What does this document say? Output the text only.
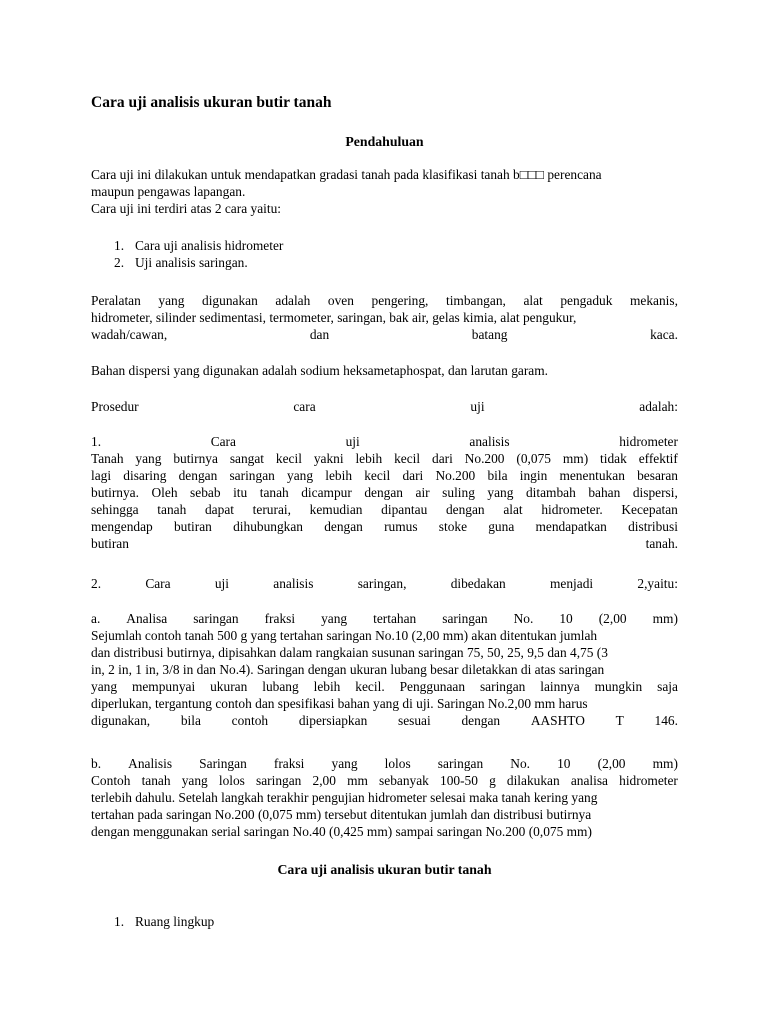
Cara uji analisis ukuran butir tanah
Pendahuluan
Cara uji ini dilakukan untuk mendapatkan gradasi tanah pada klasifikasi tanah b□□□ perencana
maupun pengawas lapangan.
Cara uji ini terdiri atas 2 cara yaitu:
1. Cara uji analisis hidrometer
2. Uji analisis saringan.
Peralatan yang digunakan adalah oven pengering, timbangan, alat pengaduk mekanis,
hidrometer, silinder sedimentasi, termometer, saringan, bak air, gelas kimia, alat pengukur,
wadah/cawan,	dan	batang	kaca.
Bahan dispersi yang digunakan adalah sodium heksametaphospat, dan larutan garam.
Prosedur	cara	uji	adalah:
1.	Cara	uji	analisis	hidrometer
Tanah yang butirnya sangat kecil yakni lebih kecil dari No.200 (0,075 mm) tidak effektif
lagi disaring dengan saringan yang lebih kecil dari No.200 bila ingin menentukan besaran
butirnya. Oleh sebab itu tanah dicampur dengan air suling yang ditambah bahan dispersi,
sehingga tanah dapat terurai, kemudian dipantau dengan alat hidrometer. Kecepatan
mengendap butiran dihubungkan dengan rumus stoke guna mendapatkan distribusi
butiran	tanah.
2.	Cara	uji	analisis	saringan,	dibedakan	menjadi	2,yaitu:
a. Analisa saringan fraksi yang tertahan saringan No. 10 (2,00 mm)
Sejumlah contoh tanah 500 g yang tertahan saringan No.10 (2,00 mm) akan ditentukan jumlah
dan distribusi butirnya, dipisahkan dalam rangkaian susunan saringan 75, 50, 25, 9,5 dan 4,75 (3
in, 2 in, 1 in, 3/8 in dan No.4). Saringan dengan ukuran lubang besar diletakkan di atas saringan
yang mempunyai ukuran lubang lebih kecil. Penggunaan saringan lainnya mungkin saja
diperlukan, tergantung contoh dan spesifikasi bahan yang di uji. Saringan No.2,00 mm harus
digunakan, bila contoh dipersiapkan sesuai dengan AASHTO T 146.
b. Analisis Saringan fraksi yang lolos saringan No. 10 (2,00 mm)
Contoh tanah yang lolos saringan 2,00 mm sebanyak 100-50 g dilakukan analisa hidrometer
terlebih dahulu. Setelah langkah terakhir pengujian hidrometer selesai maka tanah kering yang
tertahan pada saringan No.200 (0,075 mm) tersebut ditentukan jumlah dan distribusi butirnya
dengan menggunakan serial saringan No.40 (0,425 mm) sampai saringan No.200 (0,075 mm)
Cara uji analisis ukuran butir tanah
1. Ruang lingkup
